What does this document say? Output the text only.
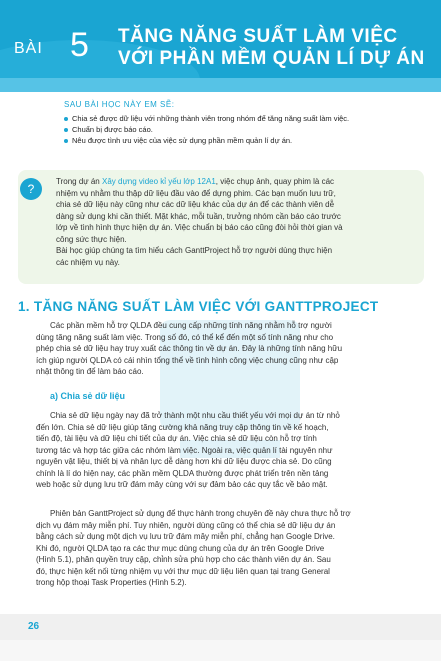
BÀI 5 TĂNG NĂNG SUẤT LÀM VIỆC
VỚI PHẦN MỀM QUẢN LÍ DỰ ÁN
SAU BÀI HỌC NÀY EM SẼ:
Chia sẻ được dữ liệu với những thành viên trong nhóm để tăng năng suất làm việc.
Chuẩn bị được báo cáo.
Nêu được tình ưu việc của việc sử dụng phần mềm quản lí dự án.
?
Trong dự án Xây dựng video kỉ yếu lớp 12A1, việc chụp ảnh, quay phim là các
nhiệm vụ nhằm thu thập dữ liệu đầu vào để dựng phim. Các bạn muốn lưu trữ,
chia sẻ dữ liệu này cũng như các dữ liệu khác của dự án để các thành viên dễ
dàng sử dụng khi cần thiết. Mặt khác, mỗi tuần, trưởng nhóm cần báo cáo trước
lớp về tình hình thực hiện dự án. Việc chuẩn bị báo cáo cũng đòi hỏi thời gian và
công sức thực hiện.
Bài học giúp chúng ta tìm hiểu cách GanttProject hỗ trợ người dùng thực hiện
các nhiệm vụ này.
1. TĂNG NĂNG SUẤT LÀM VIỆC VỚI GANTTPROJECT
Các phần mềm hỗ trợ QLDA đều cung cấp những tính năng nhằm hỗ trợ người
dùng tăng năng suất làm việc. Trong số đó, có thể kể đến một số tính năng như cho
phép chia sẻ dữ liệu hay truy xuất các thông tin về dự án. Đây là những tính năng hữu
ích giúp người QLDA có cái nhìn tổng thể về tình hình công việc chung cũng như cập
nhật thông tin để làm báo cáo.
a) Chia sẻ dữ liệu
Chia sẻ dữ liệu ngày nay đã trở thành một nhu cầu thiết yếu với mọi dự án từ nhỏ
đến lớn. Chia sẻ dữ liệu giúp tăng cường khả năng truy cập thông tin về kế hoạch,
tiến độ, tài liệu và dữ liệu chi tiết của dự án. Việc chia sẻ dữ liệu còn hỗ trợ tính
tương tác và hợp tác giữa các nhóm làm việc. Ngoài ra, việc quản lí tài nguyên như
nguyên vật liệu, thiết bị và nhân lực dễ dàng hơn khi dữ liệu được chia sẻ. Do cũng
chính là lí do hiện nay, các phần mềm QLDA thường được phát triển trên nền tảng
web hoặc sử dụng lưu trữ đám mây cùng với sự đảm bảo các quy tắc về bảo mật.
Phiên bản GanttProject sử dụng để thực hành trong chuyên đề này chưa thực hỗ trợ
dịch vụ đám mây miễn phí. Tuy nhiên, người dùng cũng có thể chia sẻ dữ liệu dự án
bằng cách sử dụng một dịch vụ lưu trữ đám mây miễn phí, chẳng hạn Google Drive.
Khi đó, người QLDA tạo ra các thư mục dùng chung của dự án trên Google Drive
(Hình 5.1), phân quyền truy cập, chỉnh sửa phù hợp cho các thành viên dự án. Sau
đó, thực hiện kết nối từng nhiệm vụ với thư mục dữ liệu liên quan tại trang General
trong hộp thoại Task Properties (Hình 5.2).
26
